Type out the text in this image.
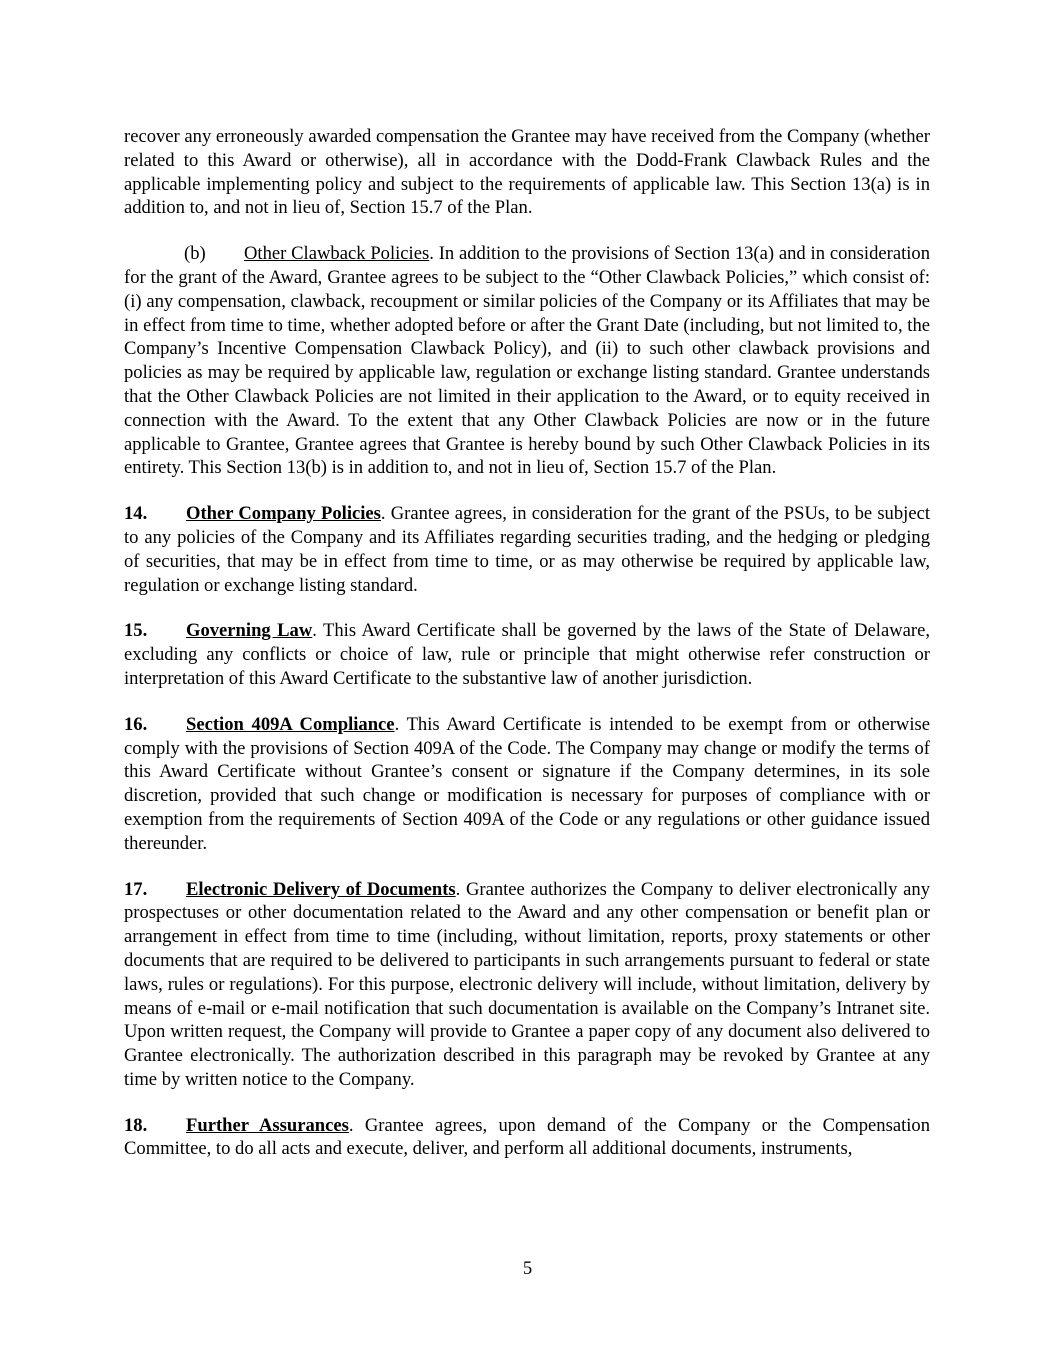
recover any erroneously awarded compensation the Grantee may have received from the Company (whether related to this Award or otherwise), all in accordance with the Dodd-Frank Clawback Rules and the applicable implementing policy and subject to the requirements of applicable law. This Section 13(a) is in addition to, and not in lieu of, Section 15.7 of the Plan.

(b) Other Clawback Policies. In addition to the provisions of Section 13(a) and in consideration for the grant of the Award, Grantee agrees to be subject to the “Other Clawback Policies,” which consist of: (i) any compensation, clawback, recoupment or similar policies of the Company or its Affiliates that may be in effect from time to time, whether adopted before or after the Grant Date (including, but not limited to, the Company’s Incentive Compensation Clawback Policy), and (ii) to such other clawback provisions and policies as may be required by applicable law, regulation or exchange listing standard. Grantee understands that the Other Clawback Policies are not limited in their application to the Award, or to equity received in connection with the Award. To the extent that any Other Clawback Policies are now or in the future applicable to Grantee, Grantee agrees that Grantee is hereby bound by such Other Clawback Policies in its entirety. This Section 13(b) is in addition to, and not in lieu of, Section 15.7 of the Plan.

14. Other Company Policies. Grantee agrees, in consideration for the grant of the PSUs, to be subject to any policies of the Company and its Affiliates regarding securities trading, and the hedging or pledging of securities, that may be in effect from time to time, or as may otherwise be required by applicable law, regulation or exchange listing standard.

15. Governing Law. This Award Certificate shall be governed by the laws of the State of Delaware, excluding any conflicts or choice of law, rule or principle that might otherwise refer construction or interpretation of this Award Certificate to the substantive law of another jurisdiction.

16. Section 409A Compliance. This Award Certificate is intended to be exempt from or otherwise comply with the provisions of Section 409A of the Code. The Company may change or modify the terms of this Award Certificate without Grantee’s consent or signature if the Company determines, in its sole discretion, provided that such change or modification is necessary for purposes of compliance with or exemption from the requirements of Section 409A of the Code or any regulations or other guidance issued thereunder.

17. Electronic Delivery of Documents. Grantee authorizes the Company to deliver electronically any prospectuses or other documentation related to the Award and any other compensation or benefit plan or arrangement in effect from time to time (including, without limitation, reports, proxy statements or other documents that are required to be delivered to participants in such arrangements pursuant to federal or state laws, rules or regulations). For this purpose, electronic delivery will include, without limitation, delivery by means of e-mail or e-mail notification that such documentation is available on the Company’s Intranet site. Upon written request, the Company will provide to Grantee a paper copy of any document also delivered to Grantee electronically. The authorization described in this paragraph may be revoked by Grantee at any time by written notice to the Company.

18. Further Assurances. Grantee agrees, upon demand of the Company or the Compensation Committee, to do all acts and execute, deliver, and perform all additional documents, instruments,

5
